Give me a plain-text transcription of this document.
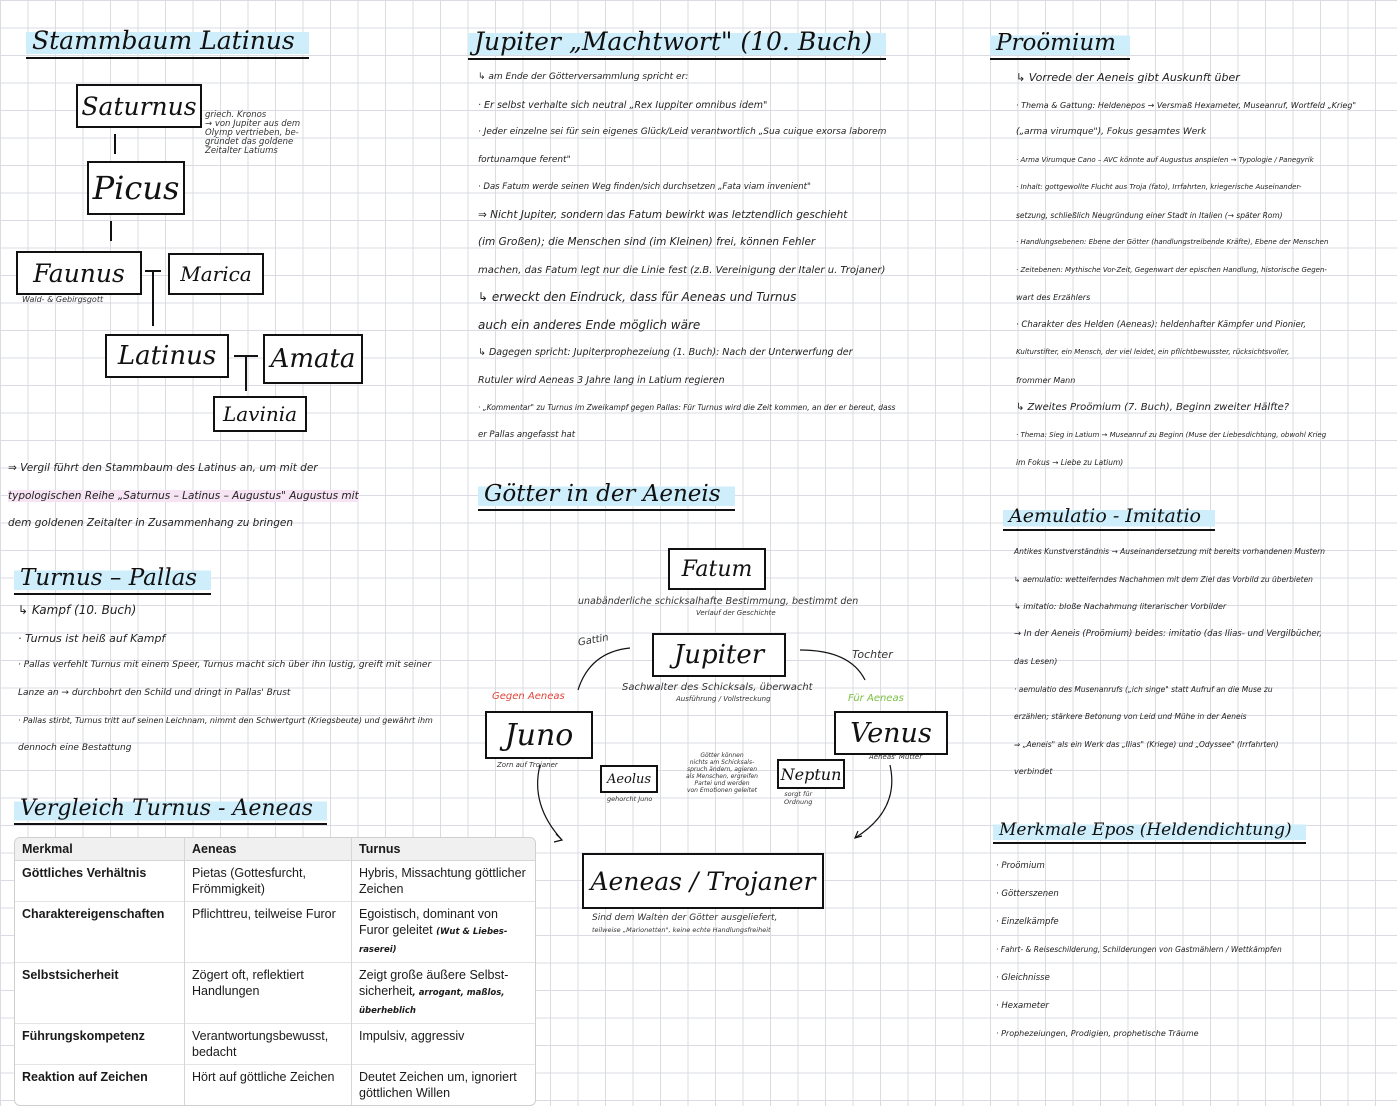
Stammbaum Latinus
Saturnus griech. Kronos
→ von Jupiter aus dem
Olymp vertrieben, be-
gründet das goldene
Zeitalter Latiums
Picus
Faunus
Wald- & Gebirgsgott
Marica
Latinus	Amata
Lavinia
⇒ Vergil führt den Stammbaum des Latinus an, um mit der
typologischen Reihe „Saturnus – Latinus – Augustus" Augustus mit
dem goldenen Zeitalter in Zusammenhang zu bringen
Turnus – Pallas
↳ Kampf (10. Buch)
· Turnus ist heiß auf Kampf
· Pallas verfehlt Turnus mit einem Speer, Turnus macht sich über ihn lustig, greift mit seiner
Lanze an → durchbohrt den Schild und dringt in Pallas' Brust
· Pallas stirbt, Turnus tritt auf seinen Leichnam, nimmt den Schwertgurt (Kriegsbeute) und gewährt ihm
dennoch eine Bestattung
Vergleich Turnus - Aeneas
Merkmal	Aeneas	Turnus
Göttliches Verhältnis	Pietas (Gottesfurcht, Frömmigkeit)	Hybris, Missachtung göttlicher Zeichen
Charaktereigenschaften	Pflichttreu, teilweise Furor	Egoistisch, dominant von Furor geleitet (Wut & Liebes-raserei)
Selbstsicherheit	Zögert oft, reflektiert Handlungen	Zeigt große äußere Selbst-sicherheit, arrogant, maßlos, überheblich
Führungskompetenz	Verantwortungsbewusst, bedacht	Impulsiv, aggressiv
Reaktion auf Zeichen	Hört auf göttliche Zeichen	Deutet Zeichen um, ignoriert göttlichen Willen
Jupiter „Machtwort" (10. Buch)
↳ am Ende der Götterversammlung spricht er:
· Er selbst verhalte sich neutral „Rex Iuppiter omnibus idem"
· Jeder einzelne sei für sein eigenes Glück/Leid verantwortlich „Sua cuique exorsa laborem
fortunamque ferent"
· Das Fatum werde seinen Weg finden/sich durchsetzen „Fata viam invenient"
⇒ Nicht Jupiter, sondern das Fatum bewirkt was letztendlich geschieht
(im Großen); die Menschen sind (im Kleinen) frei, können Fehler
machen, das Fatum legt nur die Linie fest (z.B. Vereinigung der Italer u. Trojaner)
↳ erweckt den Eindruck, dass für Aeneas und Turnus
auch ein anderes Ende möglich wäre
↳ Dagegen spricht: Jupiterprophezeiung (1. Buch): Nach der Unterwerfung der
Rutuler wird Aeneas 3 Jahre lang in Latium regieren
· „Kommentar" zu Turnus im Zweikampf gegen Pallas: Für Turnus wird die Zeit kommen, an der er bereut, dass
er Pallas angefasst hat
Götter in der Aeneis
Fatum
unabänderliche schicksalhafte Bestimmung, bestimmt den
Verlauf der Geschichte
Jupiter
Gattin
Tochter
Sachwalter des Schicksals, überwacht
Ausführung / Vollstreckung
Gegen Aeneas	Für Aeneas
Juno
Zorn auf Trojaner
Venus
Aeneas' Mutter
Aeolus
gehorcht Juno
Götter können
nichts am Schicksals-
spruch ändern, agieren
als Menschen, ergreifen
Partei und werden
von Emotionen geleitet
Neptun
sorgt für
Ordnung
Aeneas / Trojaner
Sind dem Walten der Götter ausgeliefert,
teilweise „Marionetten", keine echte Handlungsfreiheit
Proömium
↳ Vorrede der Aeneis gibt Auskunft über
· Thema & Gattung: Heldenepos → Versmaß Hexameter, Museanruf, Wortfeld „Krieg"
(„arma virumque"), Fokus gesamtes Werk
· Arma Virumque Cano – AVC könnte auf Augustus anspielen → Typologie / Panegyrik
· Inhalt: gottgewollte Flucht aus Troja (fato), Irrfahrten, kriegerische Auseinander-
setzung, schließlich Neugründung einer Stadt in Italien (→ später Rom)
· Handlungsebenen: Ebene der Götter (handlungstreibende Kräfte), Ebene der Menschen
· Zeitebenen: Mythische Vor-Zeit, Gegenwart der epischen Handlung, historische Gegen-
wart des Erzählers
· Charakter des Helden (Aeneas): heldenhafter Kämpfer und Pionier,
Kulturstifter, ein Mensch, der viel leidet, ein pflichtbewusster, rücksichtsvoller,
frommer Mann
↳ Zweites Proömium (7. Buch), Beginn zweiter Hälfte?
· Thema: Sieg in Latium → Museanruf zu Beginn (Muse der Liebesdichtung, obwohl Krieg
im Fokus → Liebe zu Latium)
Aemulatio - Imitatio
Antikes Kunstverständnis → Auseinandersetzung mit bereits vorhandenen Mustern
↳ aemulatio: wetteiferndes Nachahmen mit dem Ziel das Vorbild zu überbieten
↳ imitatio: bloße Nachahmung literarischer Vorbilder
→ In der Aeneis (Proömium) beides: imitatio (das Ilias- und Vergilbücher,
das Lesen)
· aemulatio des Musenanrufs („ich singe" statt Aufruf an die Muse zu
erzählen; stärkere Betonung von Leid und Mühe in der Aeneis
⇒ „Aeneis" als ein Werk das „Ilias" (Kriege) und „Odyssee" (Irrfahrten)
verbindet
Merkmale Epos (Heldendichtung)
· Proömium
· Götterszenen
· Einzelkämpfe
· Fahrt- & Reiseschilderung, Schilderungen von Gastmählern / Wettkämpfen
· Gleichnisse
· Hexameter
· Prophezeiungen, Prodigien, prophetische Träume
